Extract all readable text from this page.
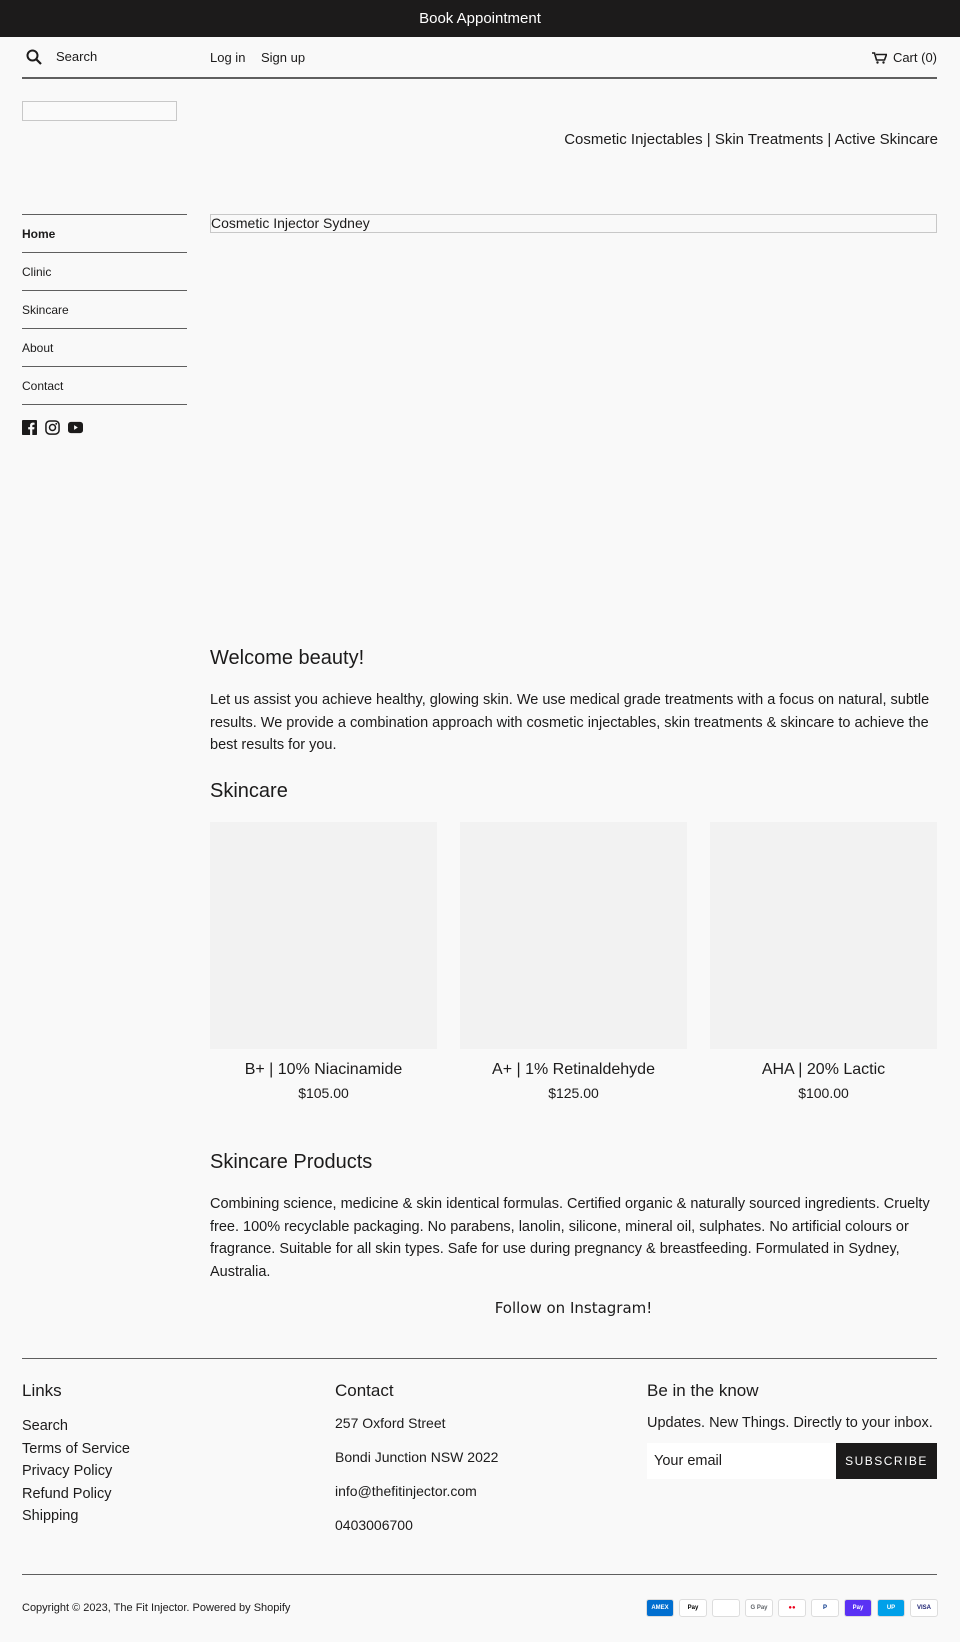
Book Appointment
Search	Log in Sign up	Cart (0)
Cosmetic Injectables | Skin Treatments | Active Skincare
Home
Clinic
Skincare
About
Contact
Cosmetic Injector Sydney
Welcome beauty!

Let us assist you achieve healthy, glowing skin. We use medical grade treatments with a focus on natural, subtle results. We provide a combination approach with cosmetic injectables, skin treatments & skincare to achieve the best results for you.

Skincare
B+ | 10% Niacinamide
$105.00
A+ | 1% Retinaldehyde
$125.00
AHA | 20% Lactic
$100.00
Skincare Products

Combining science, medicine & skin identical formulas. Certified organic & naturally sourced ingredients. Cruelty free. 100% recyclable packaging. No parabens, lanolin, silicone, mineral oil, sulphates. No artificial colours or fragrance. Suitable for all skin types. Safe for use during pregnancy & breastfeeding. Formulated in Sydney, Australia.

Follow on Instagram!
Links
Search
Terms of Service
Privacy Policy
Refund Policy
Shipping
Contact
257 Oxford Street
Bondi Junction NSW 2022
info@thefitinjector.com
0403006700
Be in the know
Updates. New Things. Directly to your inbox.
Your email	SUBSCRIBE
Copyright © 2023, The Fit Injector. Powered by Shopify	AMEX	Pay	G Pay	●●	P	Pay	UP	VISA
